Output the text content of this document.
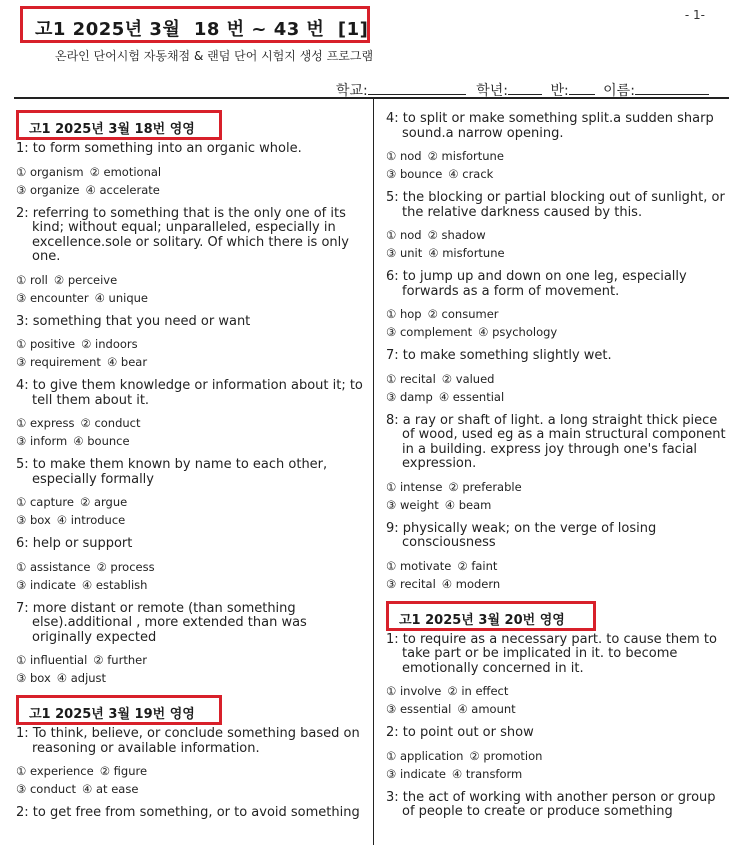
고1 2025년 3월  18 번 ~ 43 번  [1]
- 1-
온라인 단어시험 자동채점 & 랜덤 단어 시험지 생성 프로그램
학교:	학년:	반: 이름:
고1 2025년 3월 18번 영영
1: to form something into an organic whole.
① organism ② emotional
③ organize ④ accelerate
2: referring to something that is the only one of its kind; without equal; unparalleled, especially in excellence.sole or solitary. Of which there is only one.
① roll ② perceive
③ encounter ④ unique
3: something that you need or want
① positive ② indoors
③ requirement ④ bear
4: to give them knowledge or information about it; to tell them about it.
① express ② conduct
③ inform ④ bounce
5: to make them known by name to each other, especially formally
① capture ② argue
③ box ④ introduce
6: help or support
① assistance ② process
③ indicate ④ establish
7: more distant or remote (than something else).additional , more extended than was originally expected
① influential ② further
③ box ④ adjust
고1 2025년 3월 19번 영영
1: To think, believe, or conclude something based on reasoning or available information.
① experience ② figure
③ conduct ④ at ease
2: to get free from something, or to avoid something
4: to split or make something split.a sudden sharp sound.a narrow opening.
① nod ② misfortune
③ bounce ④ crack
5: the blocking or partial blocking out of sunlight, or the relative darkness caused by this.
① nod ② shadow
③ unit ④ misfortune
6: to jump up and down on one leg, especially forwards as a form of movement.
① hop ② consumer
③ complement ④ psychology
7: to make something slightly wet.
① recital ② valued
③ damp ④ essential
8: a ray or shaft of light. a long straight thick piece of wood, used eg as a main structural component in a building. express joy through one's facial expression.
① intense ② preferable
③ weight ④ beam
9: physically weak; on the verge of losing consciousness
① motivate ② faint
③ recital ④ modern
고1 2025년 3월 20번 영영
1: to require as a necessary part. to cause them to take part or be implicated in it. to become emotionally concerned in it.
① involve ② in effect
③ essential ④ amount
2: to point out or show
① application ② promotion
③ indicate ④ transform
3: the act of working with another person or group of people to create or produce something
